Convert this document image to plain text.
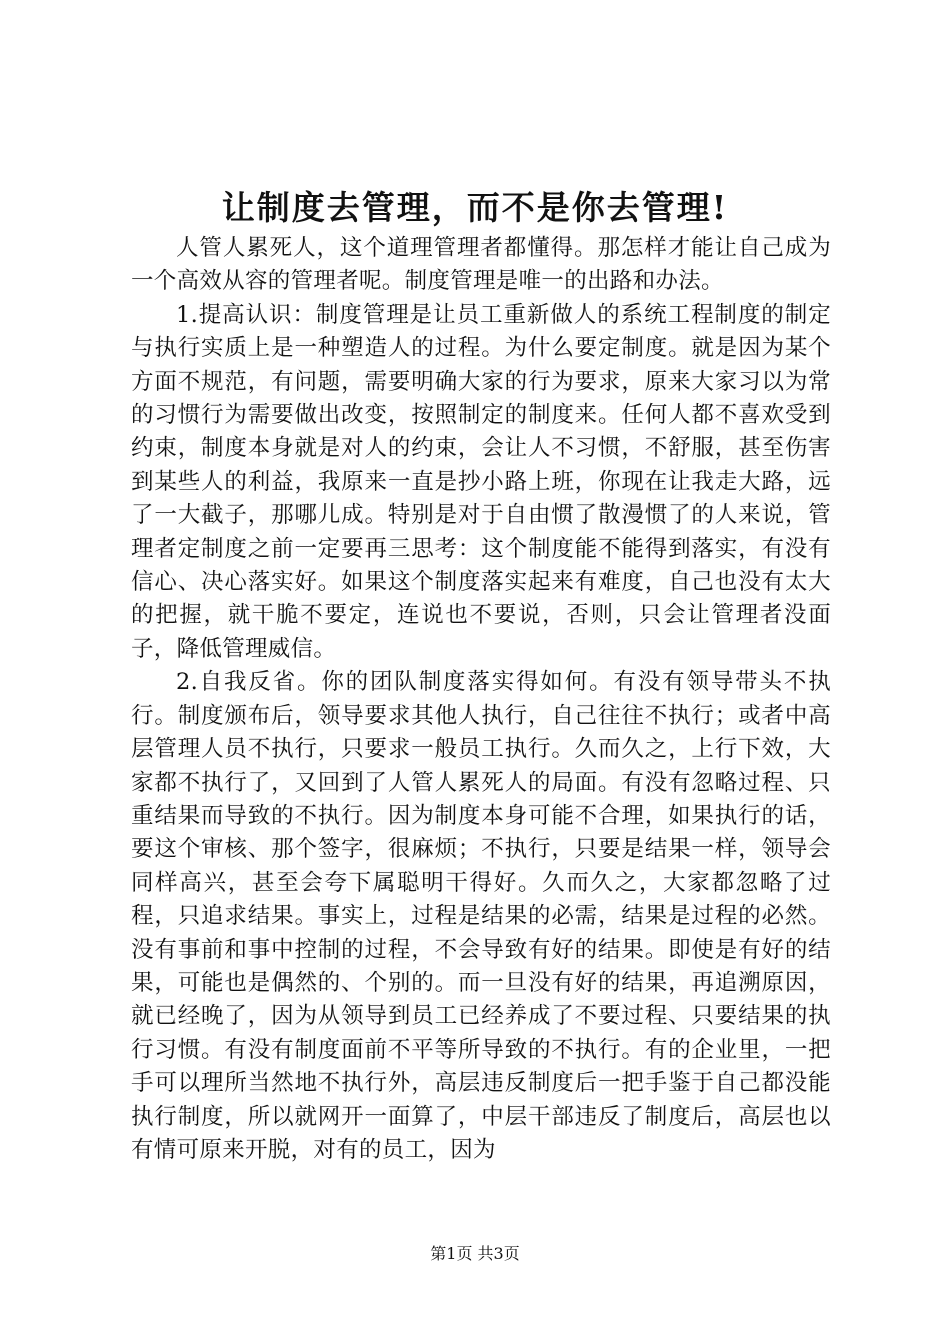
让制度去管理，而不是你去管理!

人管人累死人，这个道理管理者都懂得。那怎样才能让自己成为一个高效从容的管理者呢。制度管理是唯一的出路和办法。

1.提高认识：制度管理是让员工重新做人的系统工程制度的制定与执行实质上是一种塑造人的过程。为什么要定制度。就是因为某个方面不规范，有问题，需要明确大家的行为要求，原来大家习以为常的习惯行为需要做出改变，按照制定的制度来。任何人都不喜欢受到约束，制度本身就是对人的约束，会让人不习惯，不舒服，甚至伤害到某些人的利益，我原来一直是抄小路上班，你现在让我走大路，远了一大截子，那哪儿成。特别是对于自由惯了散漫惯了的人来说，管理者定制度之前一定要再三思考：这个制度能不能得到落实，有没有信心、决心落实好。如果这个制度落实起来有难度，自己也没有太大的把握，就干脆不要定，连说也不要说，否则，只会让管理者没面子，降低管理威信。

2.自我反省。你的团队制度落实得如何。有没有领导带头不执行。制度颁布后，领导要求其他人执行，自己往往不执行；或者中高层管理人员不执行，只要求一般员工执行。久而久之，上行下效，大家都不执行了，又回到了人管人累死人的局面。有没有忽略过程、只重结果而导致的不执行。因为制度本身可能不合理，如果执行的话，要这个审核、那个签字，很麻烦；不执行，只要是结果一样，领导会同样高兴，甚至会夸下属聪明干得好。久而久之，大家都忽略了过程，只追求结果。事实上，过程是结果的必需，结果是过程的必然。没有事前和事中控制的过程，不会导致有好的结果。即使是有好的结果，可能也是偶然的、个别的。而一旦没有好的结果，再追溯原因，就已经晚了，因为从领导到员工已经养成了不要过程、只要结果的执行习惯。有没有制度面前不平等所导致的不执行。有的企业里，一把手可以理所当然地不执行外，高层违反制度后一把手鉴于自己都没能执行制度，所以就网开一面算了，中层干部违反了制度后，高层也以有情可原来开脱，对有的员工，因为

第1页 共3页
